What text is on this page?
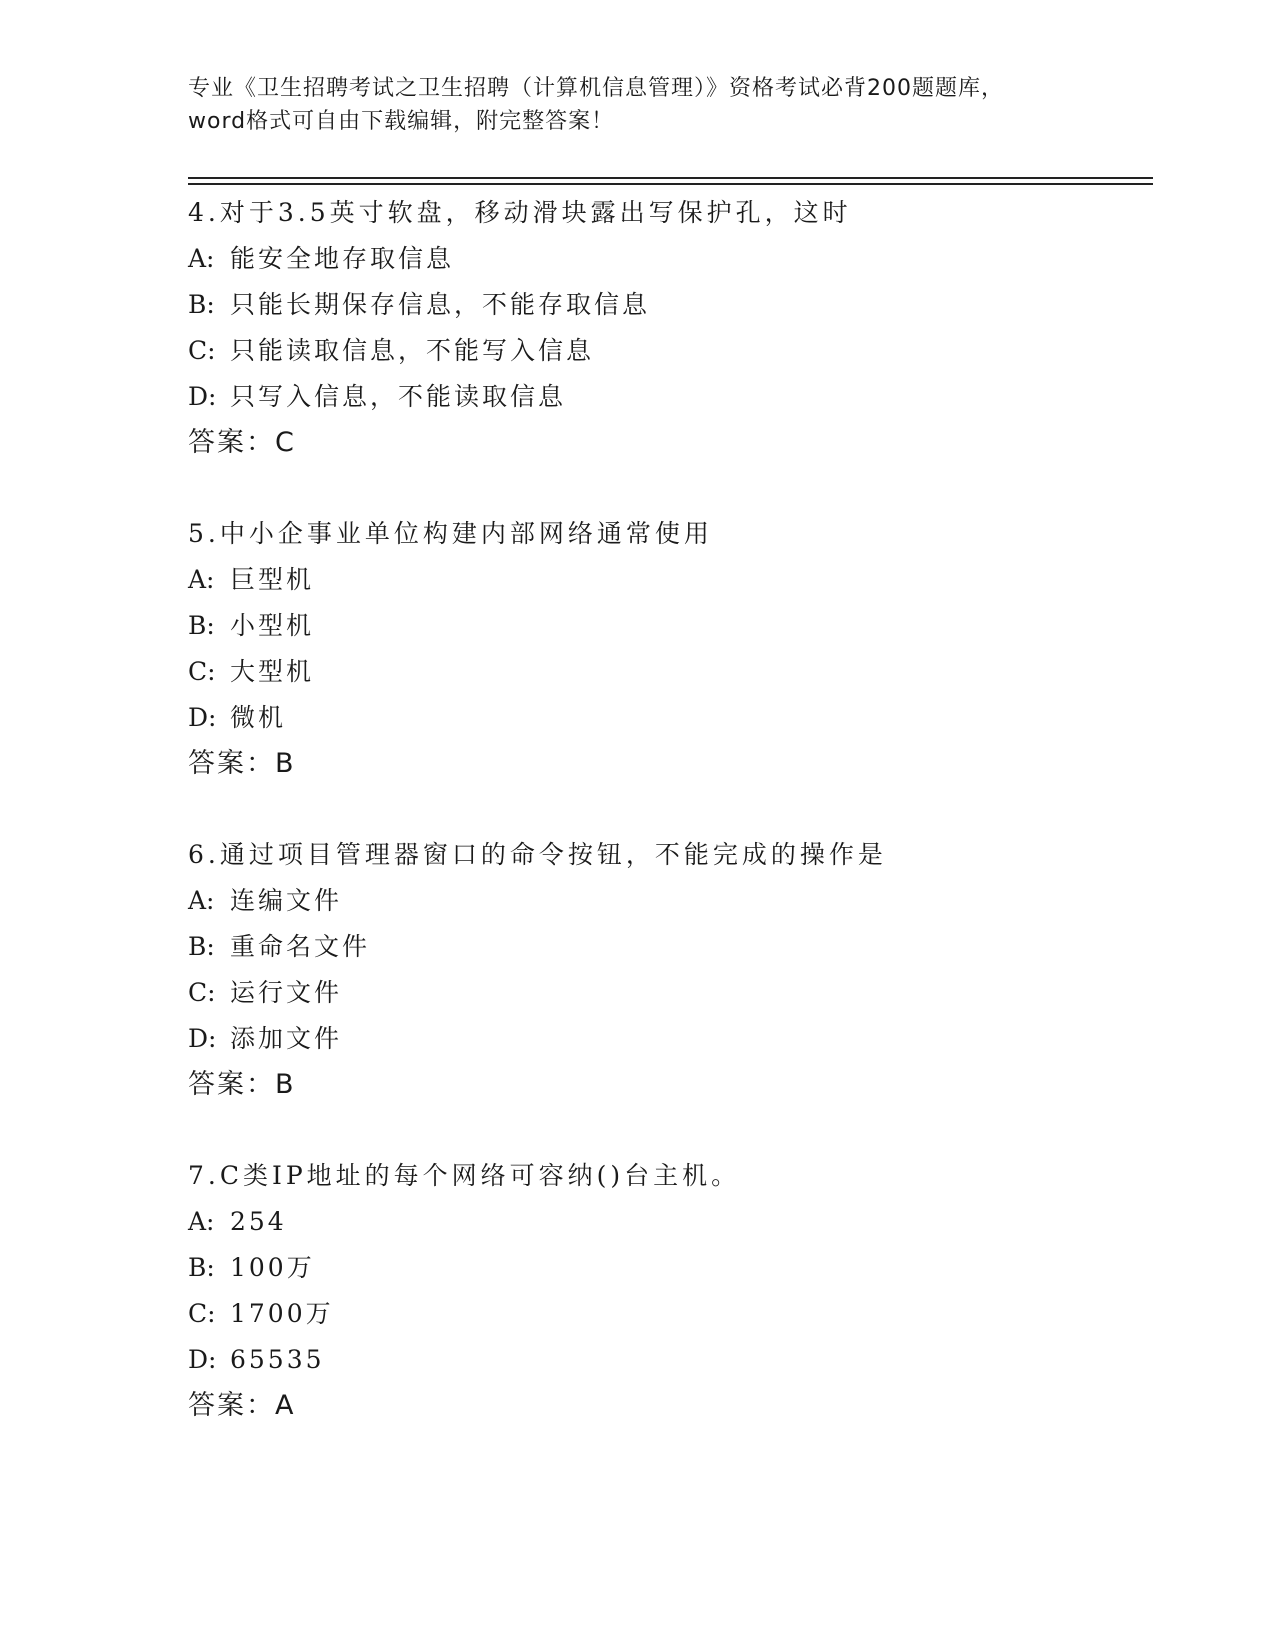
专业《卫生招聘考试之卫生招聘（计算机信息管理）》资格考试必背200题题库，
word格式可自由下载编辑，附完整答案！
4.对于3.5英寸软盘，移动滑块露出写保护孔，这时
A: 能安全地存取信息
B: 只能长期保存信息，不能存取信息
C: 只能读取信息，不能写入信息
D: 只写入信息，不能读取信息
答案：C
5.中小企事业单位构建内部网络通常使用
A: 巨型机
B: 小型机
C: 大型机
D: 微机
答案：B
6.通过项目管理器窗口的命令按钮，不能完成的操作是
A: 连编文件
B: 重命名文件
C: 运行文件
D: 添加文件
答案：B
7.C类IP地址的每个网络可容纳()台主机。
A: 254
B: 100万
C: 1700万
D: 65535
答案：A
